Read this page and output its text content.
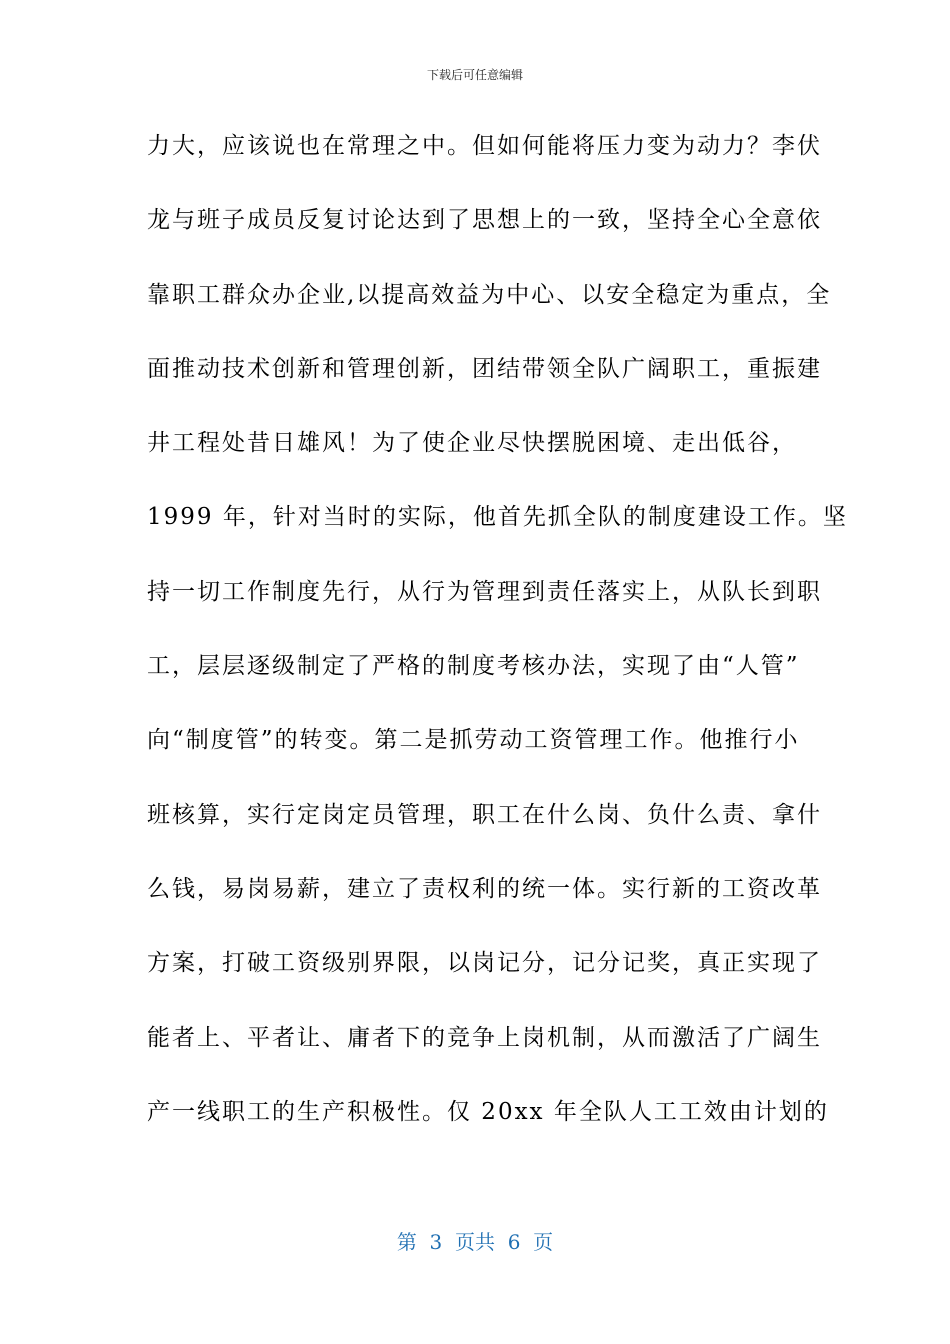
下载后可任意编辑
力大，应该说也在常理之中。但如何能将压力变为动力？李伏
龙与班子成员反复讨论达到了思想上的一致，坚持全心全意依
靠职工群众办企业,以提高效益为中心、以安全稳定为重点，全
面推动技术创新和管理创新，团结带领全队广阔职工，重振建
井工程处昔日雄风！为了使企业尽快摆脱困境、走出低谷，
1999 年，针对当时的实际，他首先抓全队的制度建设工作。坚
持一切工作制度先行，从行为管理到责任落实上，从队长到职
工，层层逐级制定了严格的制度考核办法，实现了由“人管”
向“制度管”的转变。第二是抓劳动工资管理工作。他推行小
班核算，实行定岗定员管理，职工在什么岗、负什么责、拿什
么钱，易岗易薪，建立了责权利的统一体。实行新的工资改革
方案，打破工资级别界限，以岗记分，记分记奖，真正实现了
能者上、平者让、庸者下的竞争上岗机制，从而激活了广阔生
产一线职工的生产积极性。仅 20xx 年全队人工工效由计划的
第  3  页共  6  页
